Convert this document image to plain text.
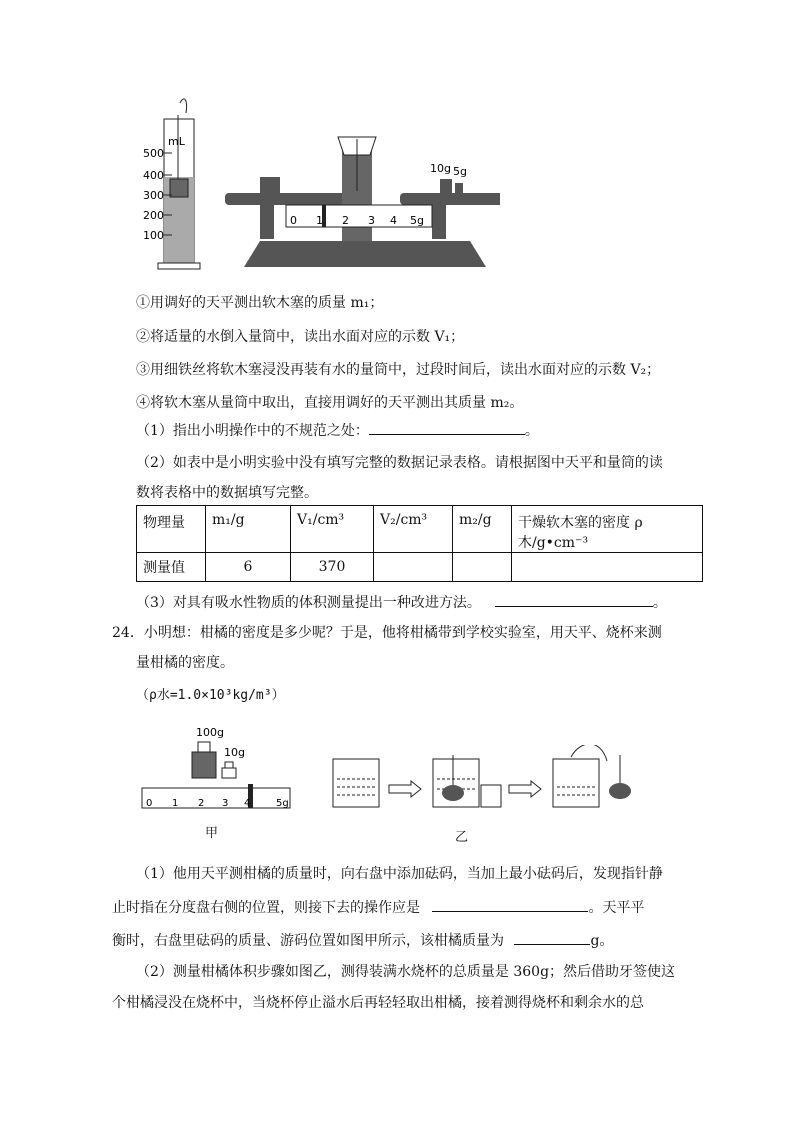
mL
500
400
300
200
100
10g 5g
0 1 2 3 4 5g
①用调好的天平测出软木塞的质量 m₁；
②将适量的水倒入量筒中，读出水面对应的示数 V₁；
③用细铁丝将软木塞浸没再装有水的量筒中，过段时间后，读出水面对应的示数 V₂；
④将软木塞从量筒中取出，直接用调好的天平测出其质量 m₂。
（1）指出小明操作中的不规范之处：	。
（2）如表中是小明实验中没有填写完整的数据记录表格。请根据图中天平和量筒的读
数将表格中的数据填写完整。
物理量	m₁/g	V₁/cm³	V₂/cm³	m₂/g	干燥软木塞的密度 ρ木/g•cm⁻³
测量值	6	370			
（3）对具有吸水性物质的体积测量提出一种改进方法。	。
24．小明想：柑橘的密度是多少呢？于是，他将柑橘带到学校实验室，用天平、烧杯来测
量柑橘的密度。
（ρ水=1.0×10³kg/m³）
100g
10g
0 1 2 3 4	5g
甲	乙
（1）他用天平测柑橘的质量时，向右盘中添加砝码，当加上最小砝码后，发现指针静
止时指在分度盘右侧的位置，则接下去的操作应是	。天平平
衡时，右盘里砝码的质量、游码位置如图甲所示，该柑橘质量为	g。
（2）测量柑橘体积步骤如图乙，测得装满水烧杯的总质量是 360g；然后借助牙签使这
个柑橘浸没在烧杯中，当烧杯停止溢水后再轻轻取出柑橘，接着测得烧杯和剩余水的总
